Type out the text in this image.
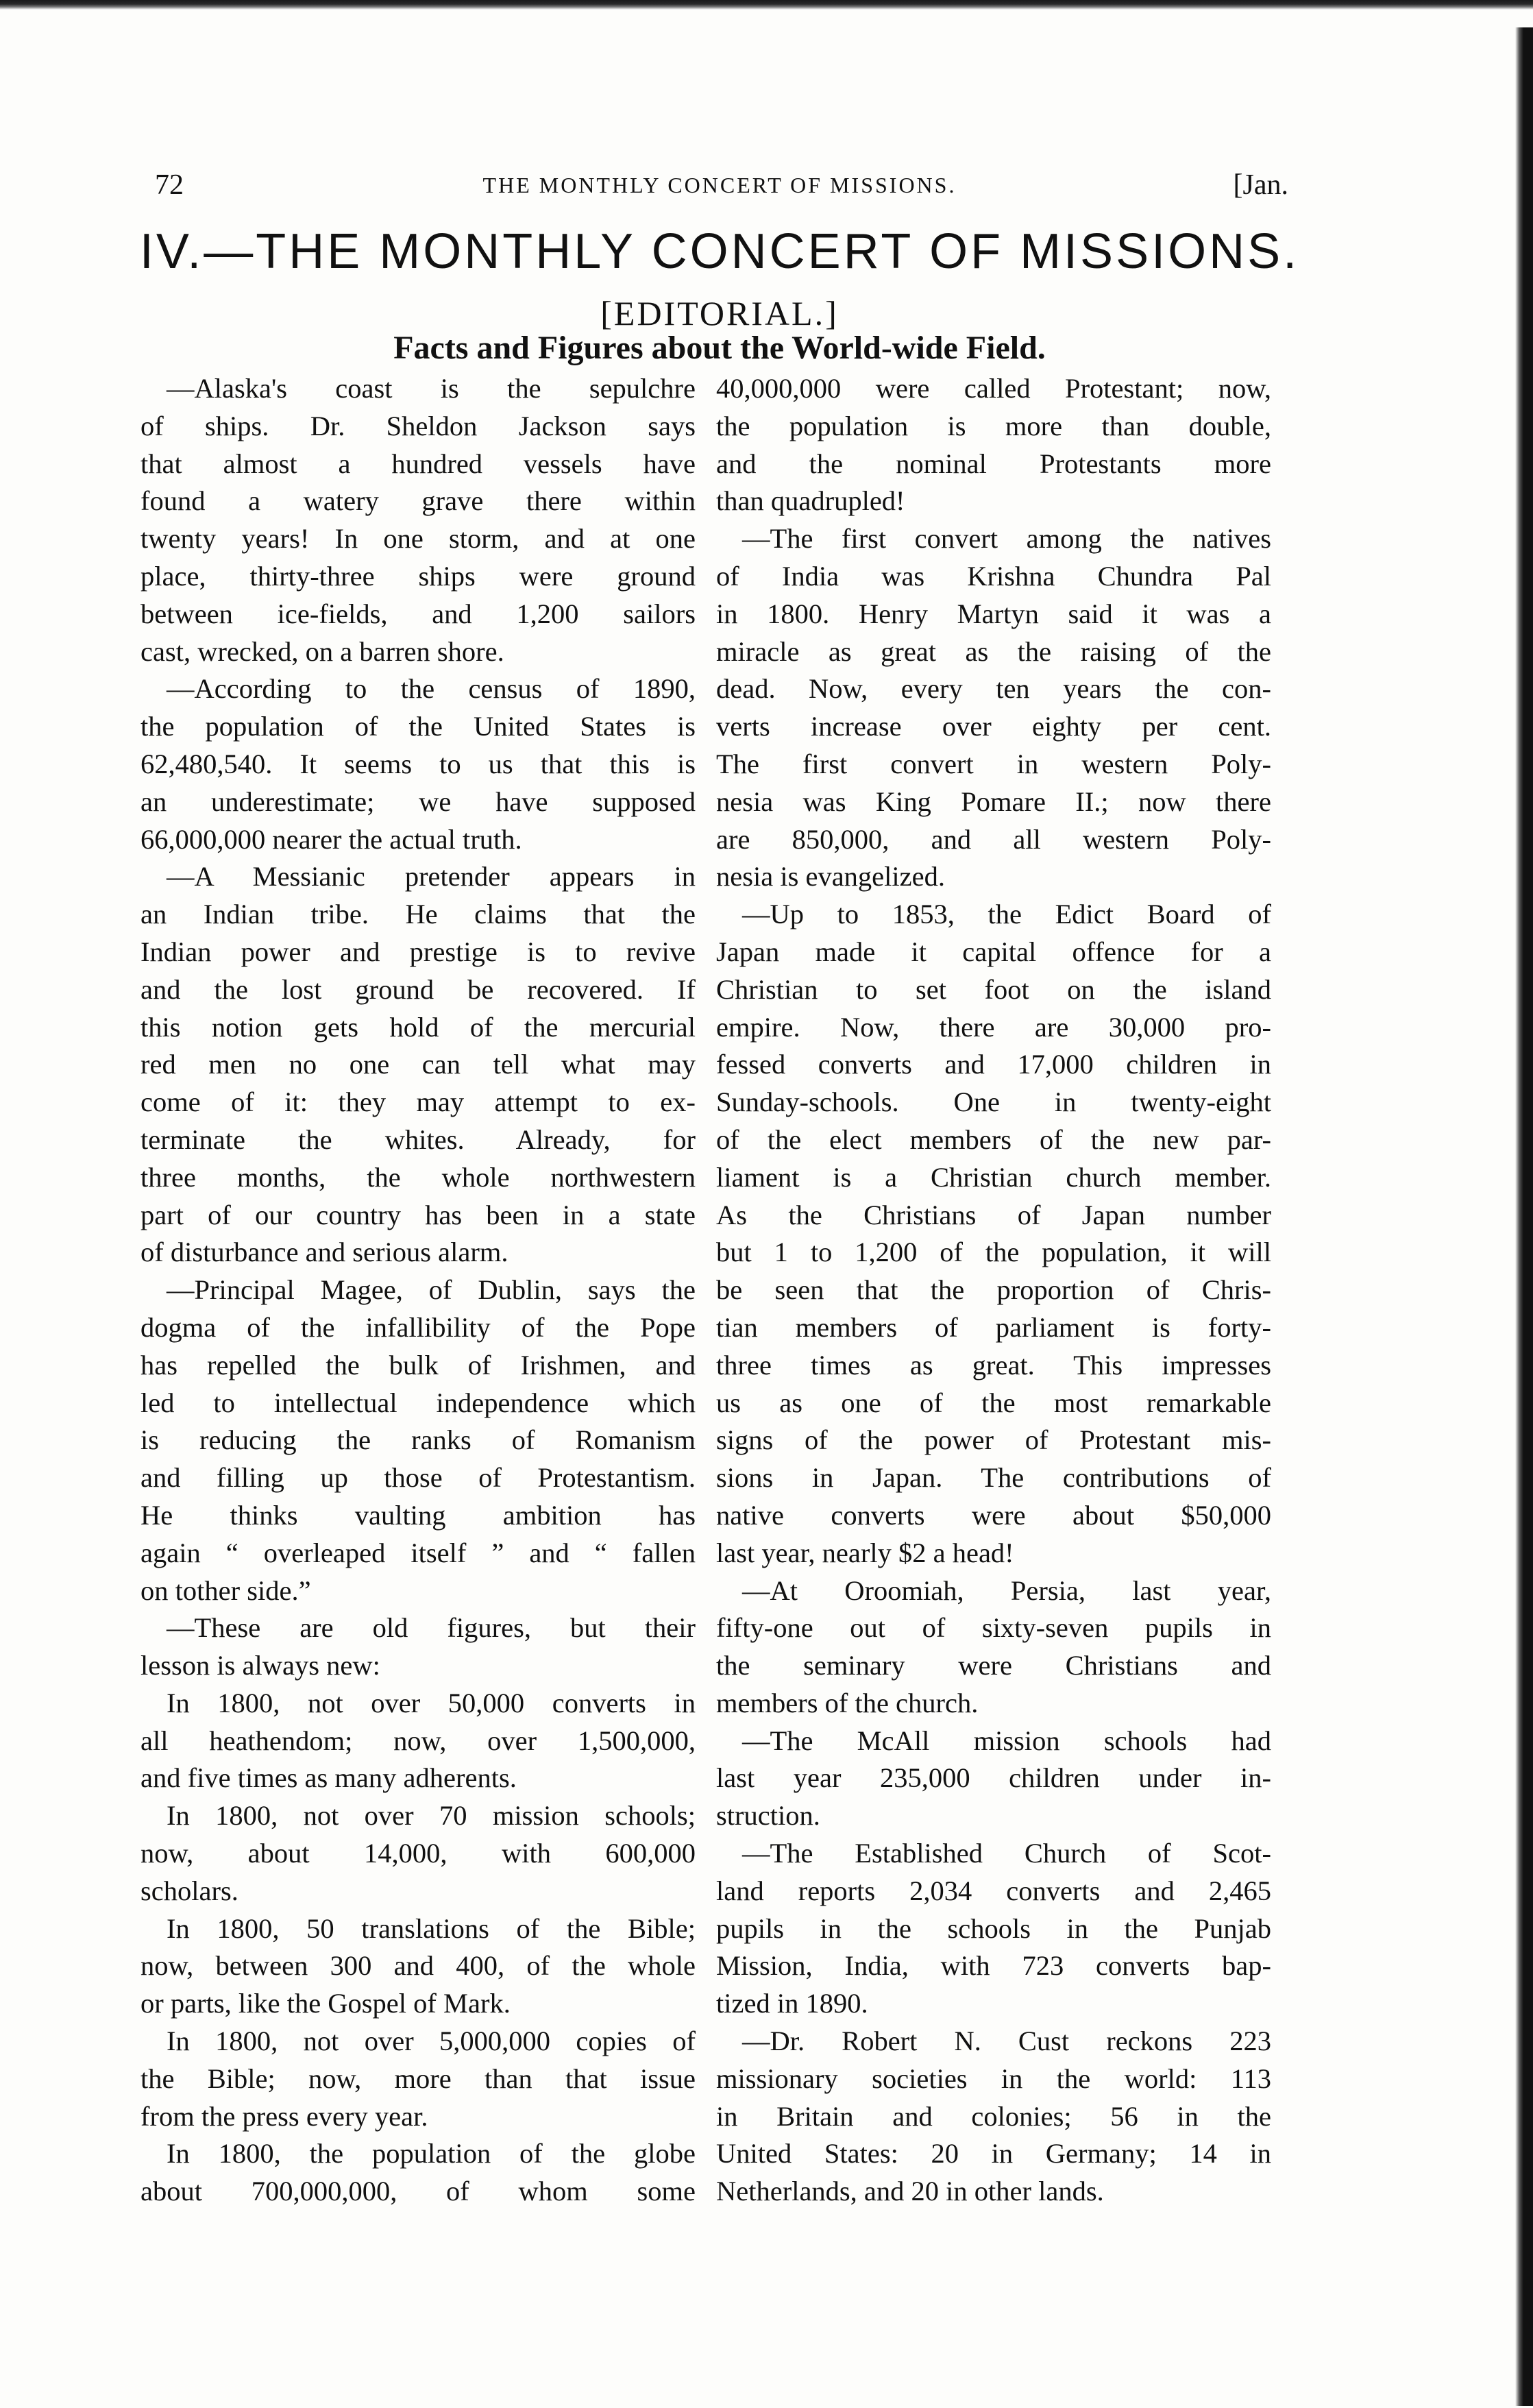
72	THE MONTHLY CONCERT OF MISSIONS.	[Jan.
IV.—THE MONTHLY CONCERT OF MISSIONS.
[EDITORIAL.]
Facts and Figures about the World-wide Field.
—Alaska's coast is the sepulchre
of ships. Dr. Sheldon Jackson says
that almost a hundred vessels have
found a watery grave there within
twenty years! In one storm, and at one
place, thirty-three ships were ground
between ice-fields, and 1,200 sailors
cast, wrecked, on a barren shore.
—According to the census of 1890,
the population of the United States is
62,480,540. It seems to us that this is
an underestimate; we have supposed
66,000,000 nearer the actual truth.
—A Messianic pretender appears in
an Indian tribe. He claims that the
Indian power and prestige is to revive
and the lost ground be recovered. If
this notion gets hold of the mercurial
red men no one can tell what may
come of it: they may attempt to ex-
terminate the whites. Already, for
three months, the whole northwestern
part of our country has been in a state
of disturbance and serious alarm.
—Principal Magee, of Dublin, says the
dogma of the infallibility of the Pope
has repelled the bulk of Irishmen, and
led to intellectual independence which
is reducing the ranks of Romanism
and filling up those of Protestantism.
He thinks vaulting ambition has
again “ overleaped itself ” and “ fallen
on tother side.”
—These are old figures, but their
lesson is always new:
In 1800, not over 50,000 converts in
all heathendom; now, over 1,500,000,
and five times as many adherents.
In 1800, not over 70 mission schools;
now, about 14,000, with 600,000
scholars.
In 1800, 50 translations of the Bible;
now, between 300 and 400, of the whole
or parts, like the Gospel of Mark.
In 1800, not over 5,000,000 copies of
the Bible; now, more than that issue
from the press every year.
In 1800, the population of the globe
about 700,000,000, of whom some
40,000,000 were called Protestant; now,
the population is more than double,
and the nominal Protestants more
than quadrupled!
—The first convert among the natives
of India was Krishna Chundra Pal
in 1800. Henry Martyn said it was a
miracle as great as the raising of the
dead. Now, every ten years the con-
verts increase over eighty per cent.
The first convert in western Poly-
nesia was King Pomare II.; now there
are 850,000, and all western Poly-
nesia is evangelized.
—Up to 1853, the Edict Board of
Japan made it capital offence for a
Christian to set foot on the island
empire. Now, there are 30,000 pro-
fessed converts and 17,000 children in
Sunday-schools. One in twenty-eight
of the elect members of the new par-
liament is a Christian church member.
As the Christians of Japan number
but 1 to 1,200 of the population, it will
be seen that the proportion of Chris-
tian members of parliament is forty-
three times as great. This impresses
us as one of the most remarkable
signs of the power of Protestant mis-
sions in Japan. The contributions of
native converts were about $50,000
last year, nearly $2 a head!
—At Oroomiah, Persia, last year,
fifty-one out of sixty-seven pupils in
the seminary were Christians and
members of the church.
—The McAll mission schools had
last year 235,000 children under in-
struction.
—The Established Church of Scot-
land reports 2,034 converts and 2,465
pupils in the schools in the Punjab
Mission, India, with 723 converts bap-
tized in 1890.
—Dr. Robert N. Cust reckons 223
missionary societies in the world: 113
in Britain and colonies; 56 in the
United States: 20 in Germany; 14 in
Netherlands, and 20 in other lands.
